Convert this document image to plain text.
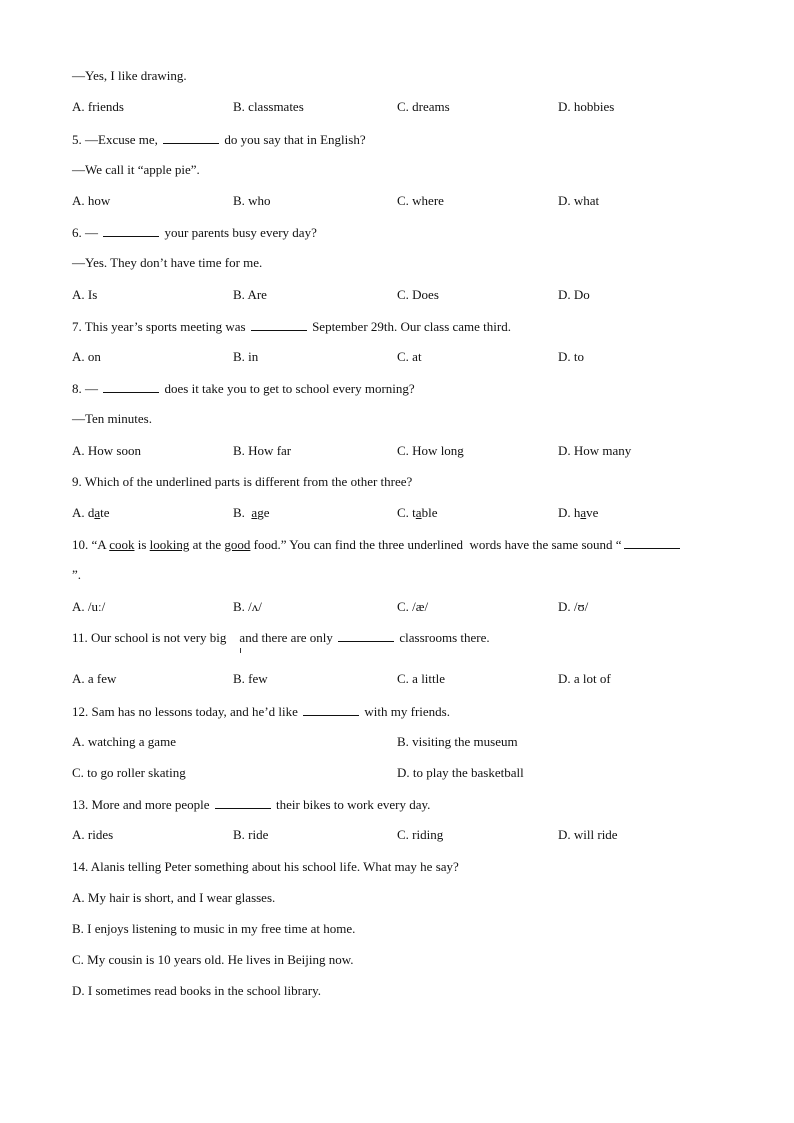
—Yes, I like drawing.
A. friends	B. classmates	C. dreams	D. hobbies
5. —Excuse me,	do you say that in English?
—We call it “apple pie”.
A. how	B. who	C. where	D. what
6. —	your parents busy every day?
—Yes. They don’t have time for me.
A. Is	B. Are	C. Does	D. Do
7. This year’s sports meeting was	September 29th. Our class came third.
A. on	B. in	C. at	D. to
8. —	does it take you to get to school every morning?
—Ten minutes.
A. How soon	B. How far	C. How long	D. How many
9. Which of the underlined parts is different from the other three?
A. date	B.  age	C. table	D. have
10. “A cook is looking at the good food.” You can find the three underlined  words have the same sound “
”.
A. /uː/	B. /ʌ/	C. /æ/	D. /ʊ/
11. Our school is not very big    and there are only	classrooms there.
A. a few	B. few	C. a little	D. a lot of
12. Sam has no lessons today, and he’d like	with my friends.
A. watching a game	B. visiting the museum
C. to go roller skating	D. to play the basketball
13. More and more people	their bikes to work every day.
A. rides	B. ride	C. riding	D. will ride
14. Alanis telling Peter something about his school life. What may he say?
A. My hair is short, and I wear glasses.
B. I enjoys listening to music in my free time at home.
C. My cousin is 10 years old. He lives in Beijing now.
D. I sometimes read books in the school library.
